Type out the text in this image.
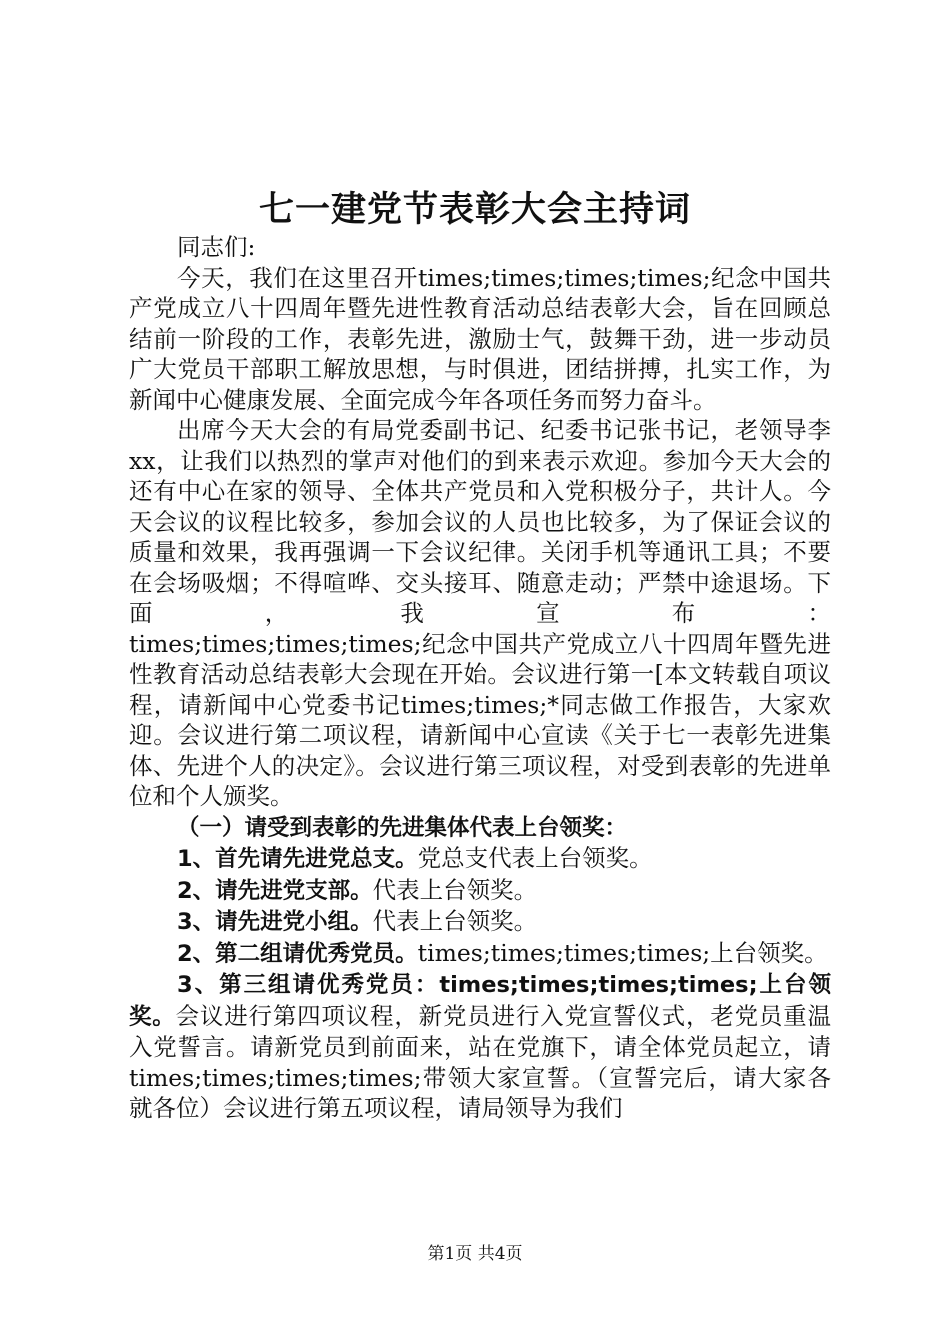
七一建党节表彰大会主持词

同志们:

今天，我们在这里召开times;times;times;times;纪念中国共产党成立八十四周年暨先进性教育活动总结表彰大会，旨在回顾总结前一阶段的工作，表彰先进，激励士气，鼓舞干劲，进一步动员广大党员干部职工解放思想，与时俱进，团结拼搏，扎实工作，为新闻中心健康发展、全面完成今年各项任务而努力奋斗。

出席今天大会的有局党委副书记、纪委书记张书记，老领导李xx，让我们以热烈的掌声对他们的到来表示欢迎。参加今天大会的还有中心在家的领导、全体共产党员和入党积极分子，共计人。今天会议的议程比较多，参加会议的人员也比较多，为了保证会议的质量和效果，我再强调一下会议纪律。关闭手机等通讯工具；不要在会场吸烟；不得喧哗、交头接耳、随意走动；严禁中途退场。下面，我宣布：

times;times;times;times;纪念中国共产党成立八十四周年暨先进性教育活动总结表彰大会现在开始。会议进行第一[本文转载自项议程，请新闻中心党委书记times;times;*同志做工作报告，大家欢迎。会议进行第二项议程，请新闻中心宣读《关于七一表彰先进集体、先进个人的决定》。会议进行第三项议程，对受到表彰的先进单位和个人颁奖。

（一）请受到表彰的先进集体代表上台领奖：

1、首先请先进党总支。党总支代表上台领奖。

2、请先进党支部。代表上台领奖。

3、请先进党小组。代表上台领奖。

2、第二组请优秀党员。times;times;times;times;上台领奖。

3、第三组请优秀党员：times;times;times;times;上台领奖。会议进行第四项议程，新党员进行入党宣誓仪式，老党员重温入党誓言。请新党员到前面来，站在党旗下，请全体党员起立，请times;times;times;times;带领大家宣誓。（宣誓完后，请大家各就各位）会议进行第五项议程，请局领导为我们

第1页 共4页
